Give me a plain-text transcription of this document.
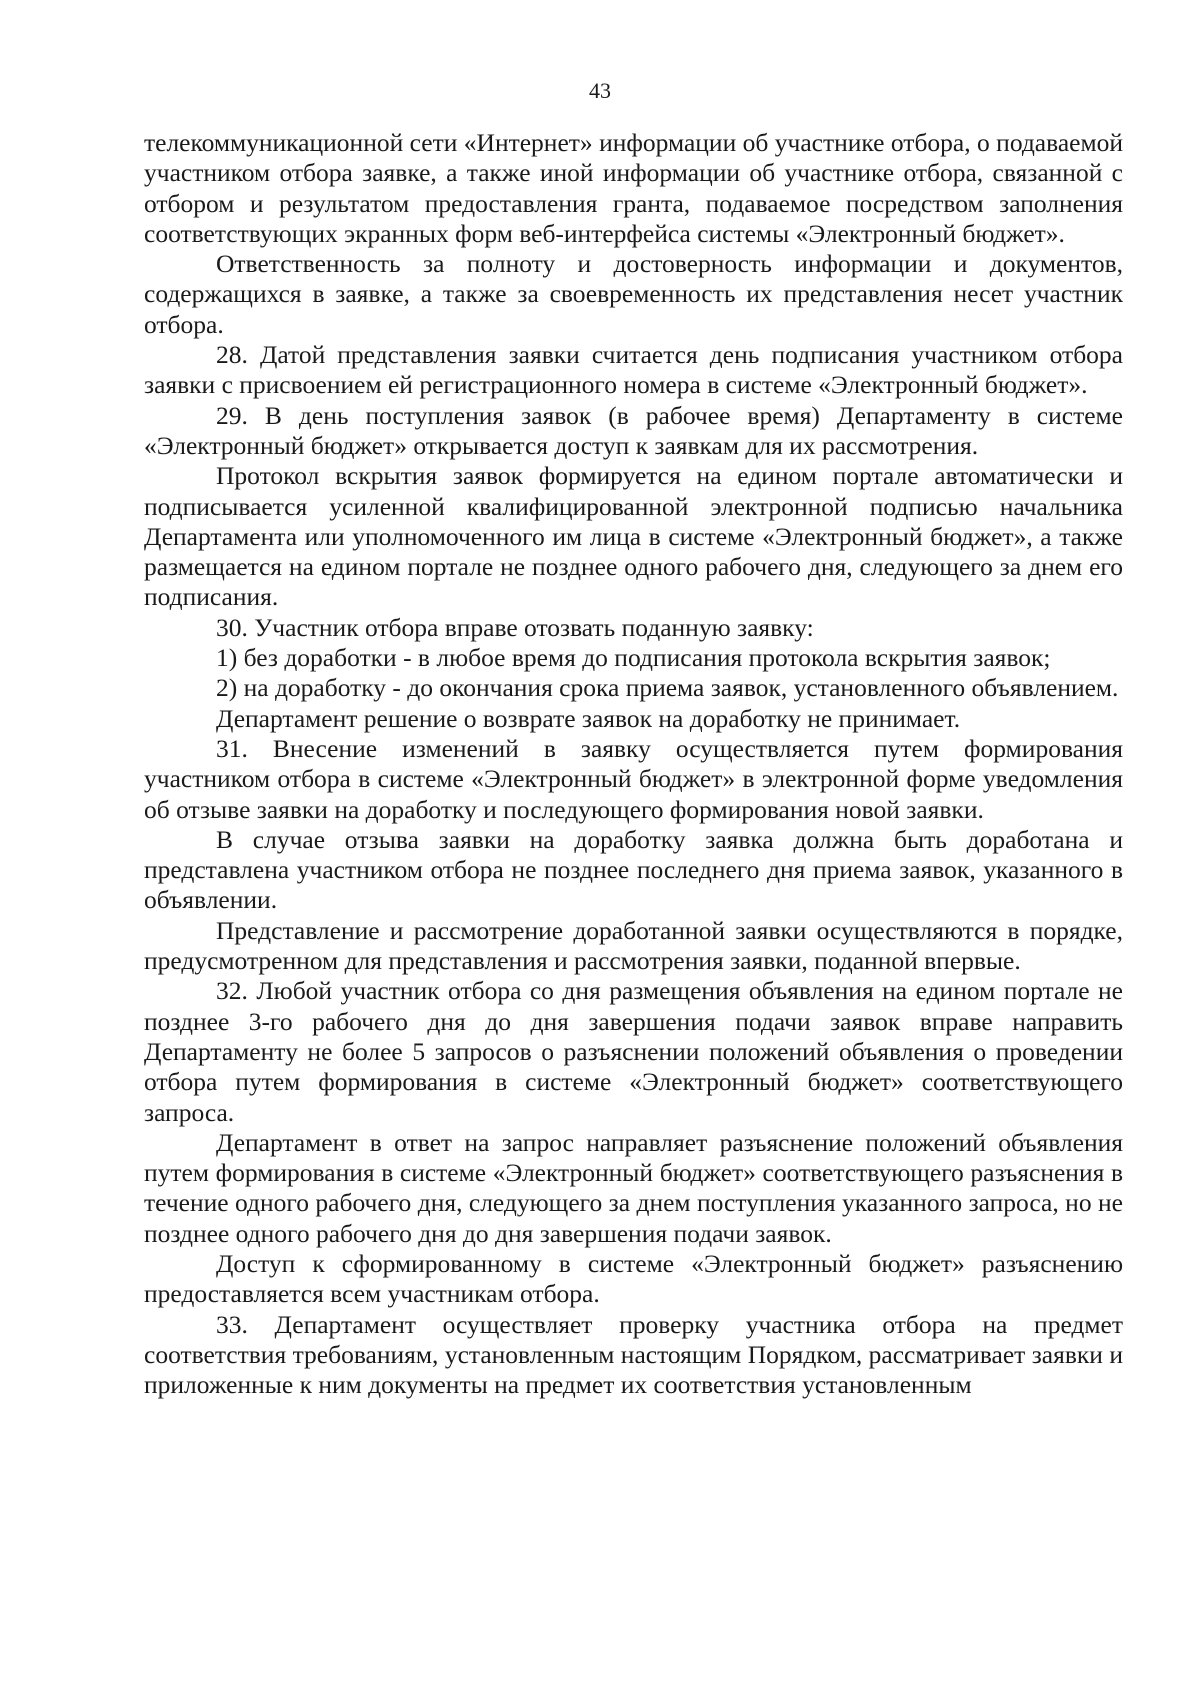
43

телекоммуникационной сети «Интернет» информации об участнике отбора, о подаваемой участником отбора заявке, а также иной информации об участнике отбора, связанной с отбором и результатом предоставления гранта, подаваемое посредством заполнения соответствующих экранных форм веб-интерфейса системы «Электронный бюджет».

Ответственность за полноту и достоверность информации и документов, содержащихся в заявке, а также за своевременность их представления несет участник отбора.

28. Датой представления заявки считается день подписания участником отбора заявки с присвоением ей регистрационного номера в системе «Электронный бюджет».

29. В день поступления заявок (в рабочее время) Департаменту в системе «Электронный бюджет» открывается доступ к заявкам для их рассмотрения.

Протокол вскрытия заявок формируется на едином портале автоматически и подписывается усиленной квалифицированной электронной подписью начальника Департамента или уполномоченного им лица в системе «Электронный бюджет», а также размещается на едином портале не позднее одного рабочего дня, следующего за днем его подписания.

30. Участник отбора вправе отозвать поданную заявку:

1) без доработки - в любое время до подписания протокола вскрытия заявок;

2) на доработку - до окончания срока приема заявок, установленного объявлением.

Департамент решение о возврате заявок на доработку не принимает.

31. Внесение изменений в заявку осуществляется путем формирования участником отбора в системе «Электронный бюджет» в электронной форме уведомления об отзыве заявки на доработку и последующего формирования новой заявки.

В случае отзыва заявки на доработку заявка должна быть доработана и представлена участником отбора не позднее последнего дня приема заявок, указанного в объявлении.

Представление и рассмотрение доработанной заявки осуществляются в порядке, предусмотренном для представления и рассмотрения заявки, поданной впервые.

32. Любой участник отбора со дня размещения объявления на едином портале не позднее 3-го рабочего дня до дня завершения подачи заявок вправе направить Департаменту не более 5 запросов о разъяснении положений объявления о проведении отбора путем формирования в системе «Электронный бюджет» соответствующего запроса.

Департамент в ответ на запрос направляет разъяснение положений объявления путем формирования в системе «Электронный бюджет» соответствующего разъяснения в течение одного рабочего дня, следующего за днем поступления указанного запроса, но не позднее одного рабочего дня до дня завершения подачи заявок.

Доступ к сформированному в системе «Электронный бюджет» разъяснению предоставляется всем участникам отбора.

33. Департамент осуществляет проверку участника отбора на предмет соответствия требованиям, установленным настоящим Порядком, рассматривает заявки и приложенные к ним документы на предмет их соответствия установленным
